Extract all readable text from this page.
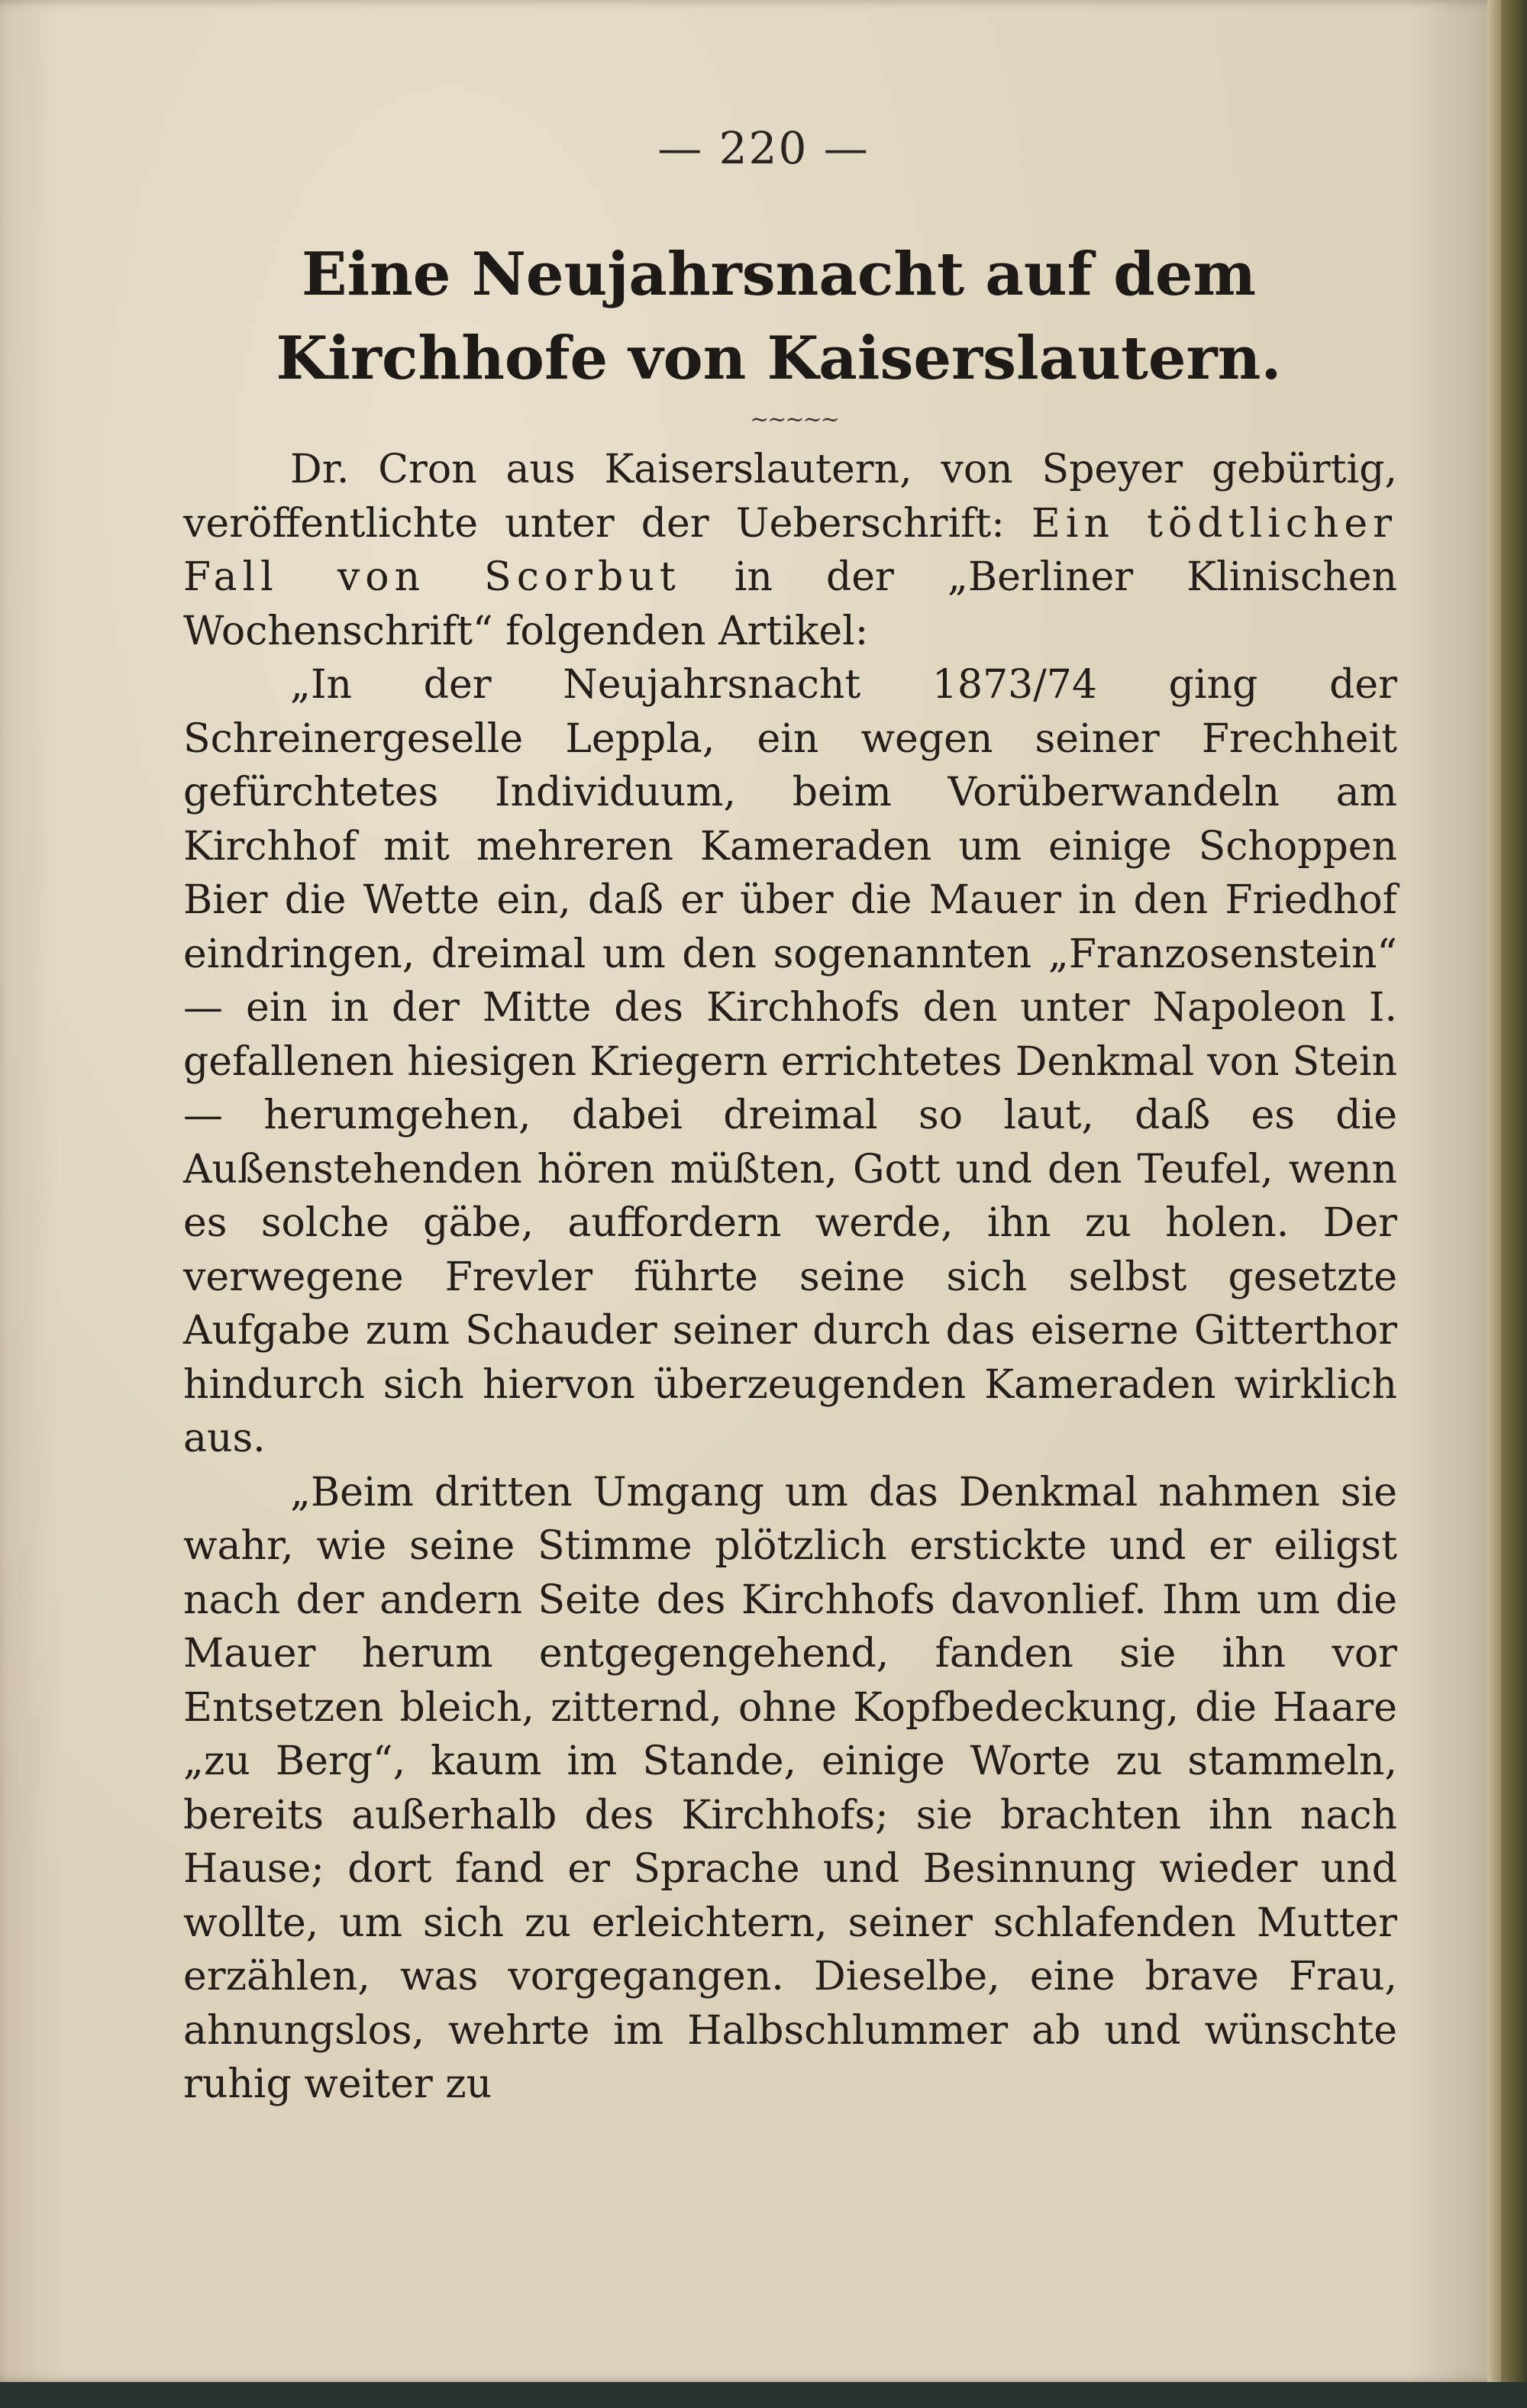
— 220 —
Eine Neujahrsnacht auf dem Kirchhofe von Kaiserslautern.
~~~~~

Dr. Cron aus Kaiserslautern, von Speyer gebürtig, veröffentlichte unter der Ueberschrift: Ein tödtlicher Fall von Scorbut in der „Berliner Klinischen Wochenschrift“ folgenden Artikel:

„In der Neujahrsnacht 1873/74 ging der Schreinergeselle Leppla, ein wegen seiner Frechheit gefürchtetes Individuum, beim Vorüberwandeln am Kirchhof mit mehreren Kameraden um einige Schoppen Bier die Wette ein, daß er über die Mauer in den Friedhof eindringen, dreimal um den sogenannten „Franzosenstein“ — ein in der Mitte des Kirchhofs den unter Napoleon I. gefallenen hiesigen Kriegern errichtetes Denkmal von Stein — herumgehen, dabei dreimal so laut, daß es die Außenstehenden hören müßten, Gott und den Teufel, wenn es solche gäbe, auffordern werde, ihn zu holen. Der verwegene Frevler führte seine sich selbst gesetzte Aufgabe zum Schauder seiner durch das eiserne Gitterthor hindurch sich hiervon überzeugenden Kameraden wirklich aus.

„Beim dritten Umgang um das Denkmal nahmen sie wahr, wie seine Stimme plötzlich erstickte und er eiligst nach der andern Seite des Kirchhofs davonlief. Ihm um die Mauer herum entgegengehend, fanden sie ihn vor Entsetzen bleich, zitternd, ohne Kopfbedeckung, die Haare „zu Berg“, kaum im Stande, einige Worte zu stammeln, bereits außerhalb des Kirchhofs; sie brachten ihn nach Hause; dort fand er Sprache und Besinnung wieder und wollte, um sich zu erleichtern, seiner schlafenden Mutter erzählen, was vorgegangen. Dieselbe, eine brave Frau, ahnungslos, wehrte im Halbschlummer ab und wünschte ruhig weiter zu
